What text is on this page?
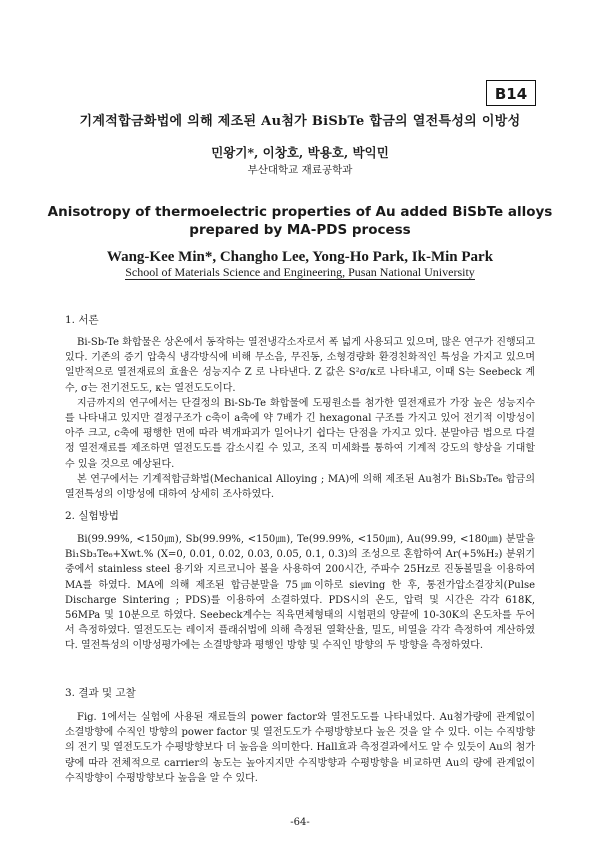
B14
기계적합금화법에 의해 제조된 Au첨가 BiSbTe 합금의 열전특성의 이방성
민왕기*, 이창호, 박용호, 박익민
부산대학교 재료공학과
Anisotropy of thermoelectric properties of Au added BiSbTe alloys
prepared by MA-PDS process
Wang-Kee Min*, Changho Lee, Yong-Ho Park, Ik-Min Park
School of Materials Science and Engineering, Pusan National University
1. 서론

Bi-Sb-Te 화합물은 상온에서 동작하는 열전냉각소자로서 폭 넓게 사용되고 있으며, 많은 연구가 진행되고 있다. 기존의 증기 압축식 냉각방식에 비해 무소음, 무진동, 소형경량화 환경친화적인 특성을 가지고 있으며 일반적으로 열전재료의 효율은 성능지수 Z 로 나타낸다. Z 값은 S²σ/κ로 나타내고, 이때 S는 Seebeck 계수, σ는 전기전도도, κ는 열전도도이다.

지금까지의 연구에서는 단결정의 Bi-Sb-Te 화합물에 도핑원소를 첨가한 열전재료가 가장 높은 성능지수를 나타내고 있지만 결정구조가 c축이 a축에 약 7배가 긴 hexagonal 구조를 가지고 있어 전기적 이방성이 아주 크고, c축에 평행한 면에 따라 벽개파괴가 일어나기 쉽다는 단점을 가지고 있다. 분말야금 법으로 다결정 열전재료를 제조하면 열전도도를 감소시킬 수 있고, 조직 미세화를 통하여 기계적 강도의 향상을 기대할 수 있을 것으로 예상된다.

본 연구에서는 기계적합금화법(Mechanical Alloying ; MA)에 의해 제조된 Au첨가 Bi₁Sb₃Te₆ 합금의 열전특성의 이방성에 대하여 상세히 조사하였다.

2. 실험방법

Bi(99.99%, <150㎛), Sb(99.99%, <150㎛), Te(99.99%, <150㎛), Au(99.99, <180㎛) 분말을 Bi₁Sb₃Te₆+Xwt.% (X=0, 0.01, 0.02, 0.03, 0.05, 0.1, 0.3)의 조성으로 혼합하여 Ar(+5%H₂) 분위기 중에서 stainless steel 용기와 지르코니아 볼을 사용하여 200시간, 주파수 25Hz로 진동볼밀을 이용하여 MA를 하였다. MA에 의해 제조된 합금분말을 75㎛이하로 sieving 한 후, 통전가압소결장치(Pulse Discharge Sintering ; PDS)를 이용하여 소결하였다. PDS시의 온도, 압력 및 시간은 각각 618K, 56MPa 및 10분으로 하였다. Seebeck계수는 직육면체형태의 시험편의 양끝에 10-30K의 온도차를 두어서 측정하였다. 열전도도는 레이저 플래쉬법에 의해 측정된 열확산율, 밀도, 비열을 각각 측정하여 계산하였다. 열전특성의 이방성평가에는 소결방향과 평행인 방향 및 수직인 방향의 두 방향을 측정하였다.

3. 결과 및 고찰

Fig. 1에서는 실험에 사용된 재료들의 power factor와 열전도도를 나타내었다. Au첨가량에 관계없이 소결방향에 수직인 방향의 power factor 및 열전도도가 수평방향보다 높은 것을 알 수 있다. 이는 수직방향의 전기 및 열전도도가 수평방향보다 더 높음을 의미한다. Hall효과 측정결과에서도 알 수 있듯이 Au의 첨가량에 따라 전체적으로 carrier의 농도는 높아지지만 수직방향과 수평방향을 비교하면 Au의 량에 관계없이 수직방향이 수평방향보다 높음을 알 수 있다.

-64-
